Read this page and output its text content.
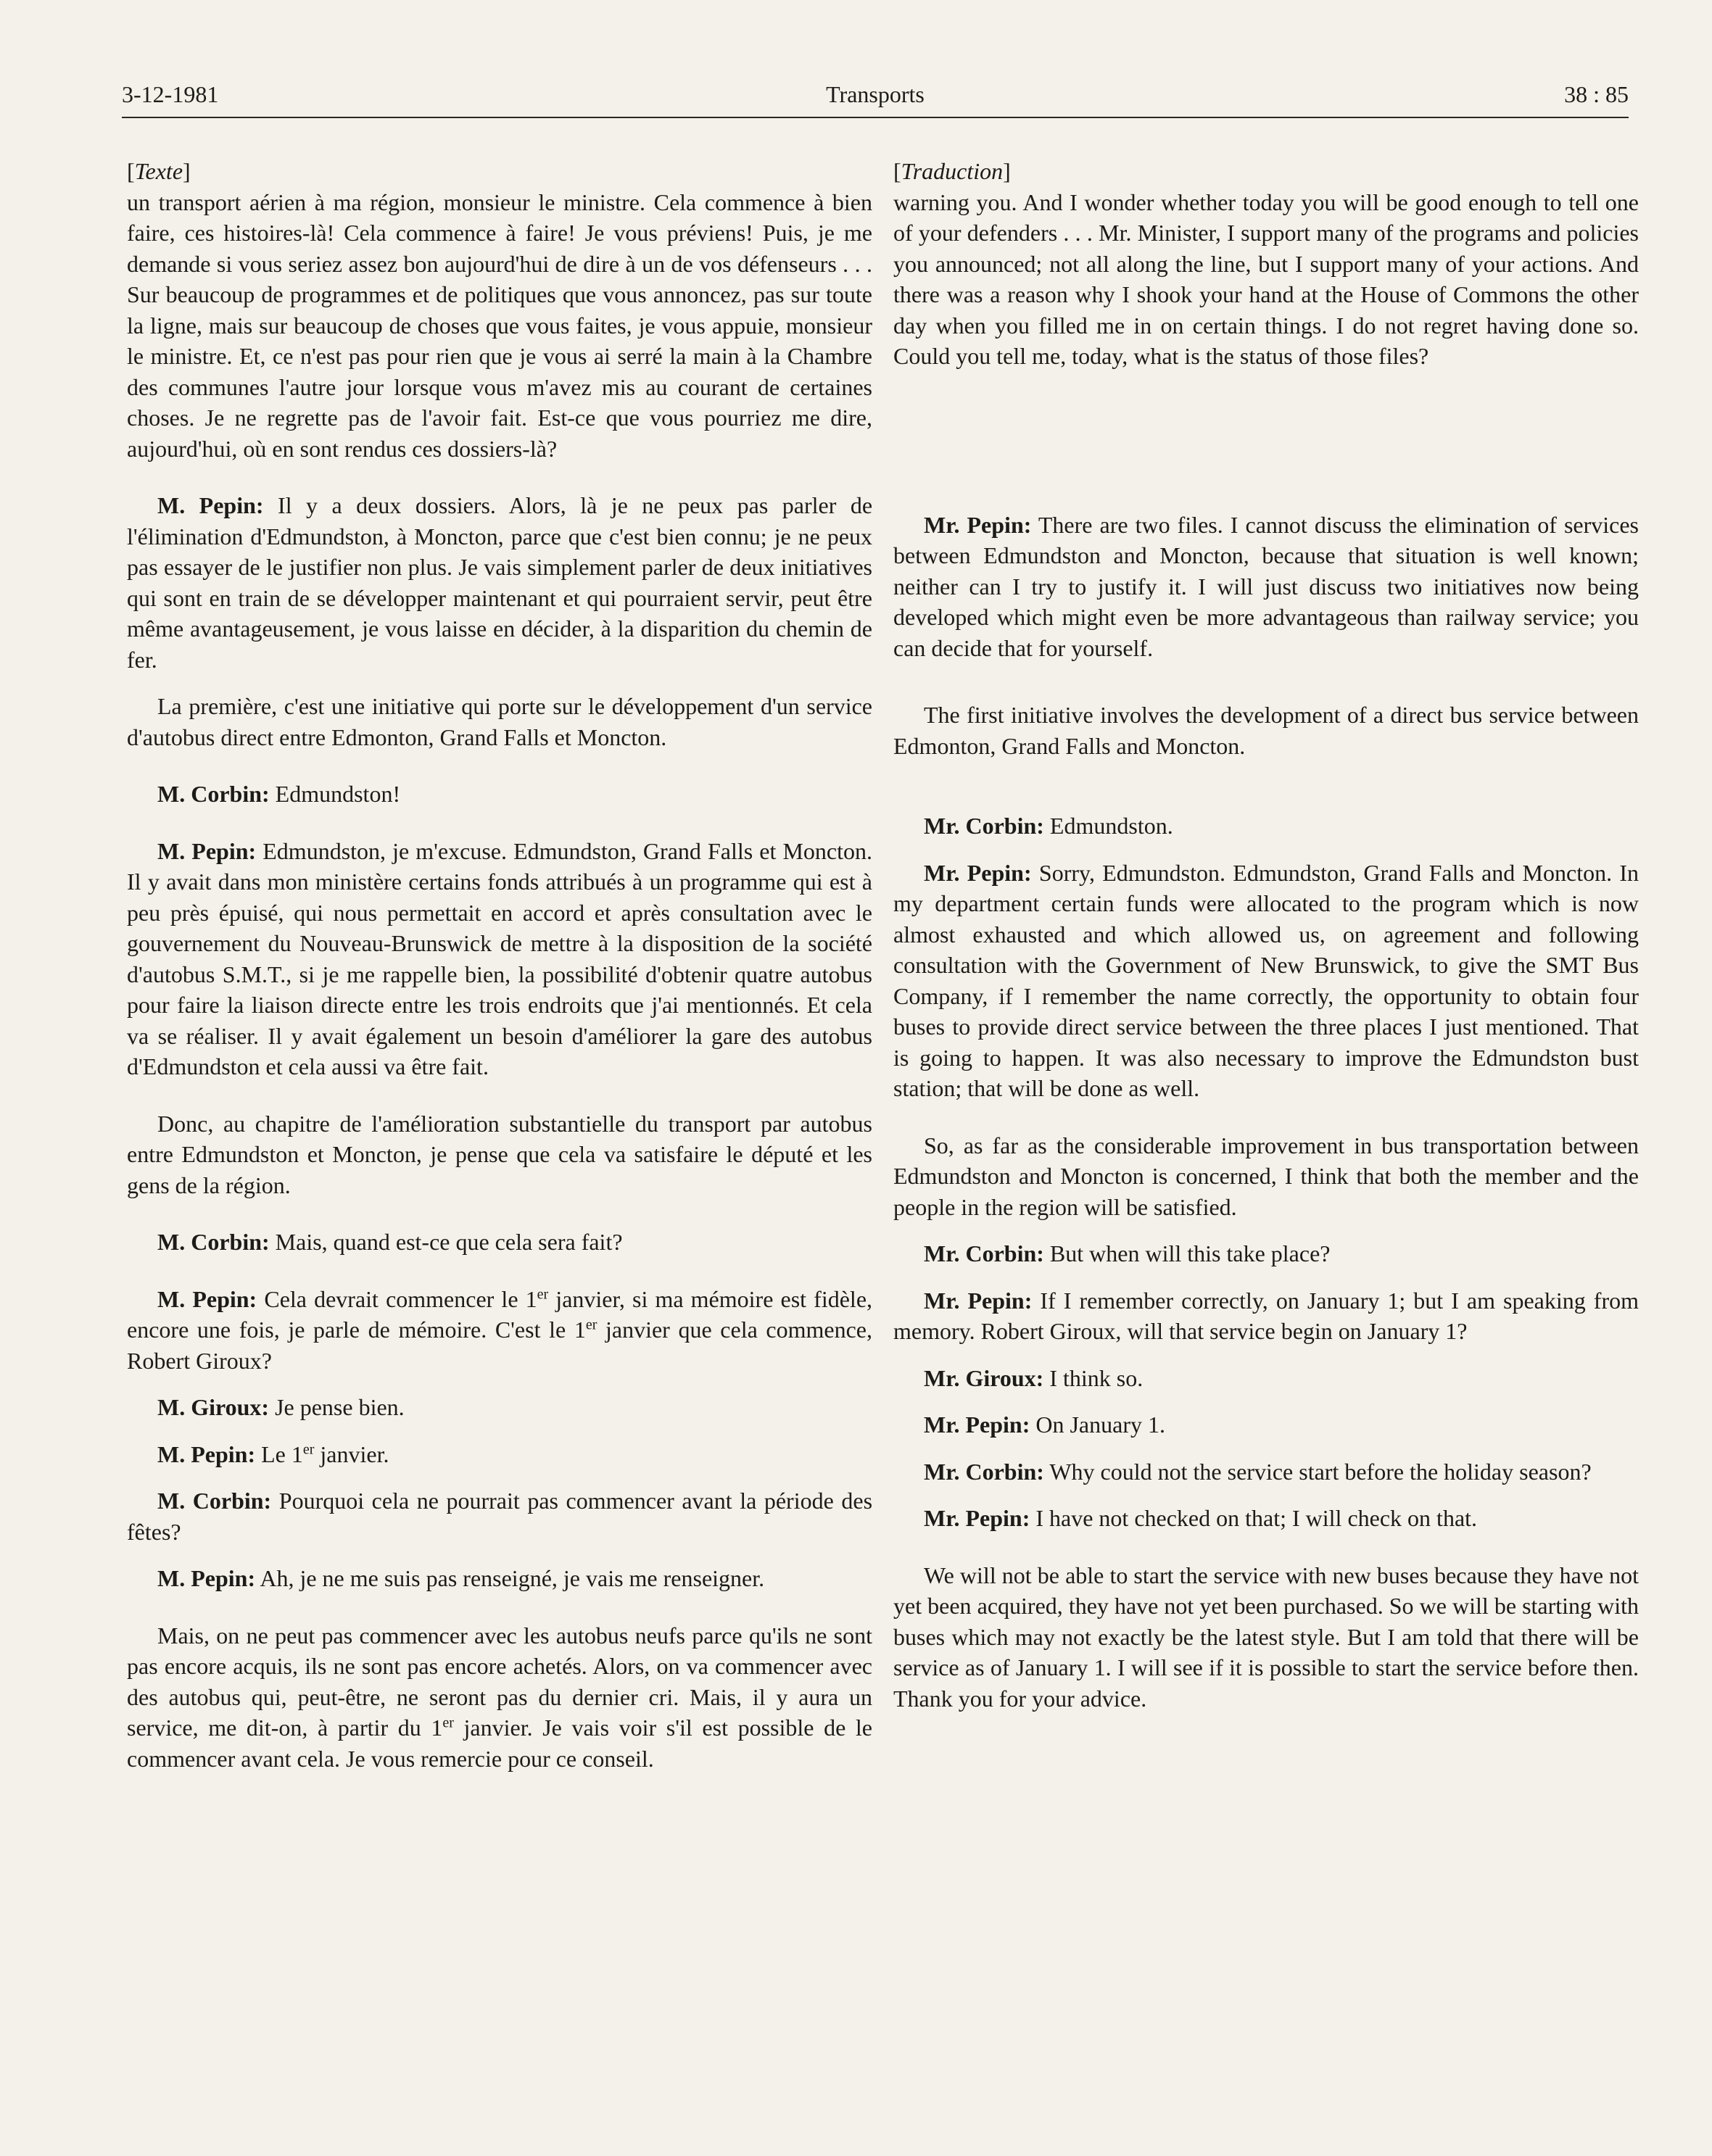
3-12-1981	Transports	38 : 85

[Texte]

un transport aérien à ma région, monsieur le ministre. Cela commence à bien faire, ces histoires-là! Cela commence à faire! Je vous préviens! Puis, je me demande si vous seriez assez bon aujourd'hui de dire à un de vos défenseurs . . . Sur beaucoup de programmes et de politiques que vous annoncez, pas sur toute la ligne, mais sur beaucoup de choses que vous faites, je vous appuie, monsieur le ministre. Et, ce n'est pas pour rien que je vous ai serré la main à la Chambre des communes l'autre jour lorsque vous m'avez mis au courant de certaines choses. Je ne regrette pas de l'avoir fait. Est-ce que vous pourriez me dire, aujourd'hui, où en sont rendus ces dossiers-là?

M. Pepin: Il y a deux dossiers. Alors, là je ne peux pas parler de l'élimination d'Edmundston, à Moncton, parce que c'est bien connu; je ne peux pas essayer de le justifier non plus. Je vais simplement parler de deux initiatives qui sont en train de se développer maintenant et qui pourraient servir, peut être même avantageusement, je vous laisse en décider, à la disparition du chemin de fer.

La première, c'est une initiative qui porte sur le développement d'un service d'autobus direct entre Edmonton, Grand Falls et Moncton.

M. Corbin: Edmundston!

M. Pepin: Edmundston, je m'excuse. Edmundston, Grand Falls et Moncton. Il y avait dans mon ministère certains fonds attribués à un programme qui est à peu près épuisé, qui nous permettait en accord et après consultation avec le gouvernement du Nouveau-Brunswick de mettre à la disposition de la société d'autobus S.M.T., si je me rappelle bien, la possibilité d'obtenir quatre autobus pour faire la liaison directe entre les trois endroits que j'ai mentionnés. Et cela va se réaliser. Il y avait également un besoin d'améliorer la gare des autobus d'Edmundston et cela aussi va être fait.

Donc, au chapitre de l'amélioration substantielle du transport par autobus entre Edmundston et Moncton, je pense que cela va satisfaire le député et les gens de la région.

M. Corbin: Mais, quand est-ce que cela sera fait?

M. Pepin: Cela devrait commencer le 1er janvier, si ma mémoire est fidèle, encore une fois, je parle de mémoire. C'est le 1er janvier que cela commence, Robert Giroux?

M. Giroux: Je pense bien.

M. Pepin: Le 1er janvier.

M. Corbin: Pourquoi cela ne pourrait pas commencer avant la période des fêtes?

M. Pepin: Ah, je ne me suis pas renseigné, je vais me renseigner.

Mais, on ne peut pas commencer avec les autobus neufs parce qu'ils ne sont pas encore acquis, ils ne sont pas encore achetés. Alors, on va commencer avec des autobus qui, peut-être, ne seront pas du dernier cri. Mais, il y aura un service, me dit-on, à partir du 1er janvier. Je vais voir s'il est possible de le commencer avant cela. Je vous remercie pour ce conseil.

[Traduction]

warning you. And I wonder whether today you will be good enough to tell one of your defenders . . . Mr. Minister, I support many of the programs and policies you announced; not all along the line, but I support many of your actions. And there was a reason why I shook your hand at the House of Commons the other day when you filled me in on certain things. I do not regret having done so. Could you tell me, today, what is the status of those files?

Mr. Pepin: There are two files. I cannot discuss the elimination of services between Edmundston and Moncton, because that situation is well known; neither can I try to justify it. I will just discuss two initiatives now being developed which might even be more advantageous than railway service; you can decide that for yourself.

The first initiative involves the development of a direct bus service between Edmonton, Grand Falls and Moncton.

Mr. Corbin: Edmundston.

Mr. Pepin: Sorry, Edmundston. Edmundston, Grand Falls and Moncton. In my department certain funds were allocated to the program which is now almost exhausted and which allowed us, on agreement and following consultation with the Government of New Brunswick, to give the SMT Bus Company, if I remember the name correctly, the opportunity to obtain four buses to provide direct service between the three places I just mentioned. That is going to happen. It was also necessary to improve the Edmundston bust station; that will be done as well.

So, as far as the considerable improvement in bus transportation between Edmundston and Moncton is concerned, I think that both the member and the people in the region will be satisfied.

Mr. Corbin: But when will this take place?

Mr. Pepin: If I remember correctly, on January 1; but I am speaking from memory. Robert Giroux, will that service begin on January 1?

Mr. Giroux: I think so.

Mr. Pepin: On January 1.

Mr. Corbin: Why could not the service start before the holiday season?

Mr. Pepin: I have not checked on that; I will check on that.

We will not be able to start the service with new buses because they have not yet been acquired, they have not yet been purchased. So we will be starting with buses which may not exactly be the latest style. But I am told that there will be service as of January 1. I will see if it is possible to start the service before then. Thank you for your advice.
